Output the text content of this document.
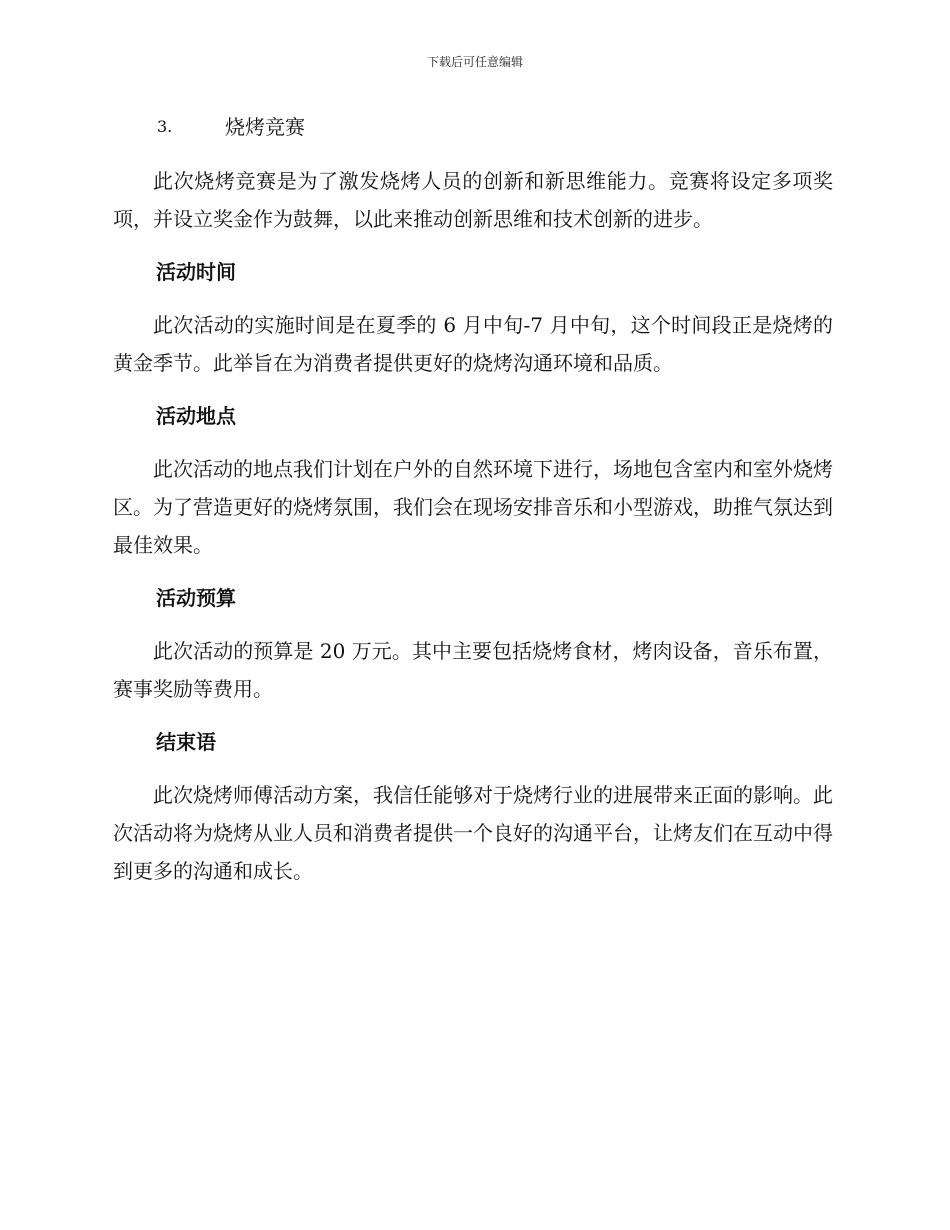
下载后可任意编辑
3.	烧烤竞赛

此次烧烤竞赛是为了激发烧烤人员的创新和新思维能力。竞赛将设定多项奖项，并设立奖金作为鼓舞，以此来推动创新思维和技术创新的进步。

活动时间

此次活动的实施时间是在夏季的 6 月中旬-7 月中旬，这个时间段正是烧烤的黄金季节。此举旨在为消费者提供更好的烧烤沟通环境和品质。

活动地点

此次活动的地点我们计划在户外的自然环境下进行，场地包含室内和室外烧烤区。为了营造更好的烧烤氛围，我们会在现场安排音乐和小型游戏，助推气氛达到最佳效果。

活动预算

此次活动的预算是 20 万元。其中主要包括烧烤食材，烤肉设备，音乐布置，赛事奖励等费用。

结束语

此次烧烤师傅活动方案，我信任能够对于烧烤行业的进展带来正面的影响。此次活动将为烧烤从业人员和消费者提供一个良好的沟通平台，让烤友们在互动中得到更多的沟通和成长。
